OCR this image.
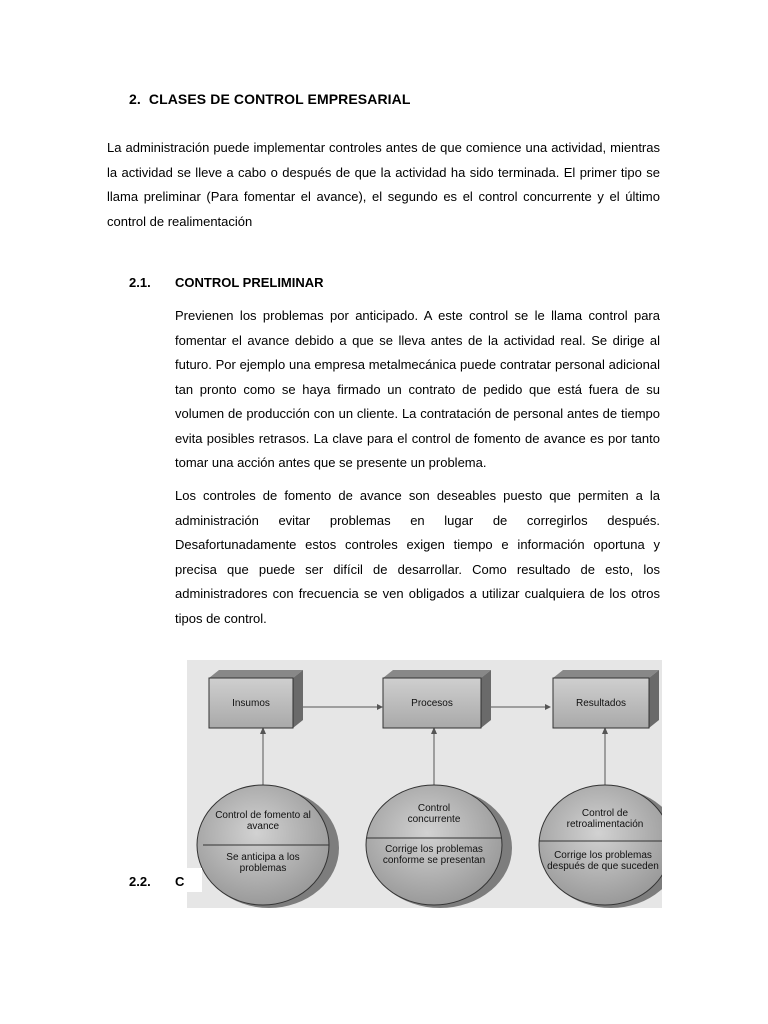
2.  CLASES DE CONTROL EMPRESARIAL

La administración puede implementar controles antes de que comience una actividad, mientras la actividad se lleve a cabo o después de que la actividad ha sido terminada. El primer tipo se llama preliminar (Para fomentar el avance), el segundo es el control concurrente y el último control de realimentación

2.1. CONTROL PRELIMINAR

Previenen los problemas por anticipado. A este control se le llama control para fomentar el avance debido a que se lleva antes de la actividad real. Se dirige al futuro. Por ejemplo una empresa metalmecánica puede contratar personal adicional tan pronto como se haya firmado un contrato de pedido que está fuera de su volumen de producción con un cliente. La contratación de personal antes de tiempo evita posibles retrasos. La clave para el control de fomento de avance es por tanto tomar una acción antes que se presente un problema.

Los controles de fomento de avance son deseables puesto que permiten a la administración evitar problemas en lugar de corregirlos después. Desafortunadamente estos controles exigen tiempo e información oportuna y precisa que puede ser difícil de desarrollar. Como resultado de esto, los administradores con frecuencia se ven obligados a utilizar cualquiera de los otros tipos de control.

Insumos	Procesos	Resultados
Control de fomento al avance
Se anticipa a los problemas
Control concurrente
Corrige los problemas conforme se presentan
Control de retroalimentación
Corrige los problemas después de que suceden
2.2. C
